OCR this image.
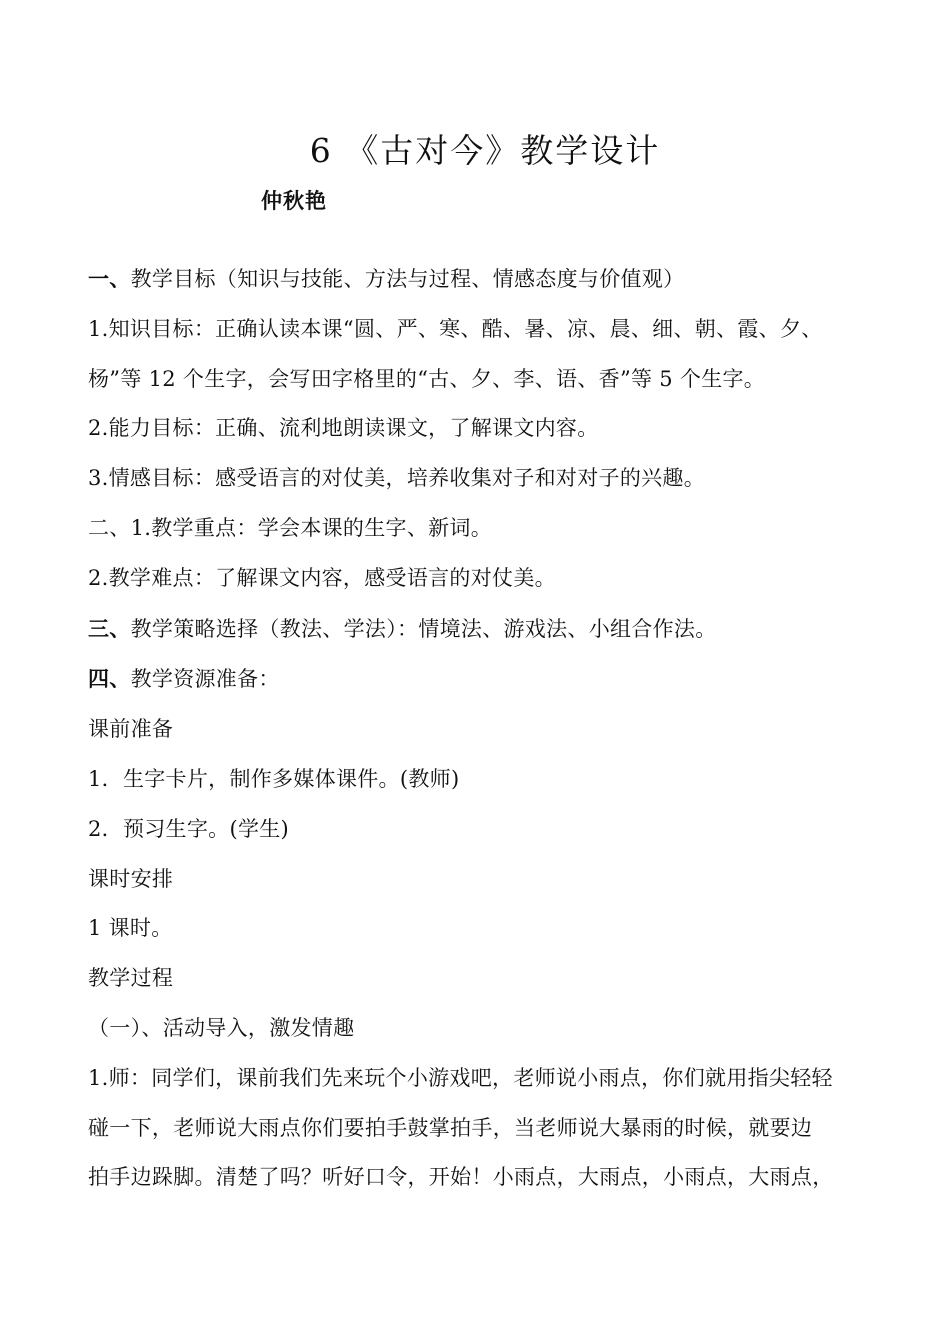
6 《古对今》教学设计
仲秋艳

一、教学目标（知识与技能、方法与过程、情感态度与价值观）

1.知识目标：正确认读本课“圆、严、寒、酷、暑、凉、晨、细、朝、霞、夕、

杨”等 12 个生字，会写田字格里的“古、夕、李、语、香”等 5 个生字。

2.能力目标：正确、流利地朗读课文，了解课文内容。

3.情感目标：感受语言的对仗美，培养收集对子和对对子的兴趣。

二、1.教学重点：学会本课的生字、新词。

2.教学难点：了解课文内容，感受语言的对仗美。

三、教学策略选择（教法、学法）：情境法、游戏法、小组合作法。

四、教学资源准备：

课前准备

1．生字卡片，制作多媒体课件。(教师)

2．预习生字。(学生)

课时安排

1 课时。

教学过程

（一）、活动导入，激发情趣

1.师：同学们，课前我们先来玩个小游戏吧，老师说小雨点，你们就用指尖轻轻

碰一下，老师说大雨点你们要拍手鼓掌拍手，当老师说大暴雨的时候，就要边

拍手边跺脚。清楚了吗？听好口令，开始！小雨点，大雨点，小雨点，大雨点，
